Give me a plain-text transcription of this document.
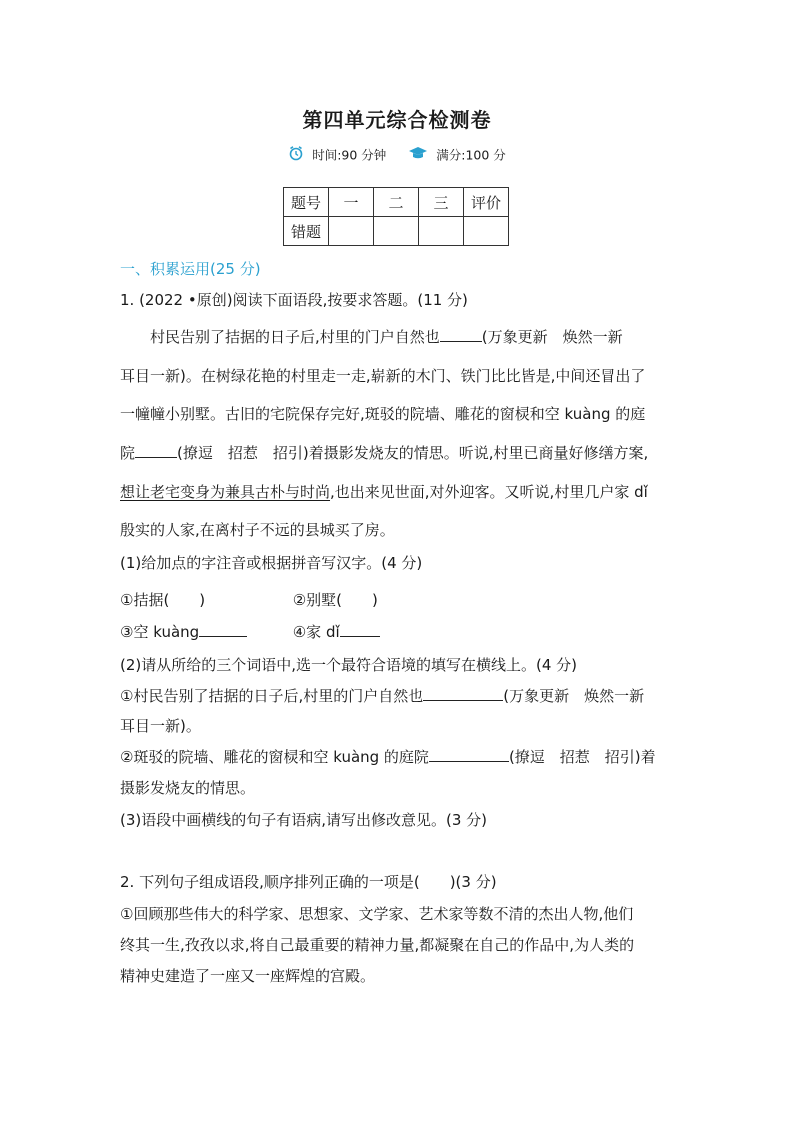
第四单元综合检测卷
时间:90 分钟	满分:100 分
题号	一	二	三	评价
错题				
一、积累运用(25 分)
1. (2022 •原创)阅读下面语段,按要求答题。(11 分)
村民告别了拮据的日子后,村里的门户自然也	(万象更新　焕然一新
耳目一新)。在树绿花艳的村里走一走,崭新的木门、铁门比比皆是,中间还冒出了
一幢幢小别墅。古旧的宅院保存完好,斑驳的院墙、雕花的窗棂和空 kuàng 的庭
院	(撩逗　招惹　招引)着摄影发烧友的情思。听说,村里已商量好修缮方案,
想让老宅变身为兼具古朴与时尚,也出来见世面,对外迎客。又听说,村里几户家 dǐ
殷实的人家,在离村子不远的县城买了房。
(1)给加点的字注音或根据拼音写汉字。(4 分)
①拮据(　　)	②别墅(　　)
③空 kuàng	④家 dǐ
(2)请从所给的三个词语中,选一个最符合语境的填写在横线上。(4 分)
①村民告别了拮据的日子后,村里的门户自然也	(万象更新　焕然一新
耳目一新)。
②斑驳的院墙、雕花的窗棂和空 kuàng 的庭院	(撩逗　招惹　招引)着
摄影发烧友的情思。
(3)语段中画横线的句子有语病,请写出修改意见。(3 分)
2. 下列句子组成语段,顺序排列正确的一项是(　　)(3 分)
①回顾那些伟大的科学家、思想家、文学家、艺术家等数不清的杰出人物,他们
终其一生,孜孜以求,将自己最重要的精神力量,都凝聚在自己的作品中,为人类的
精神史建造了一座又一座辉煌的宫殿。
